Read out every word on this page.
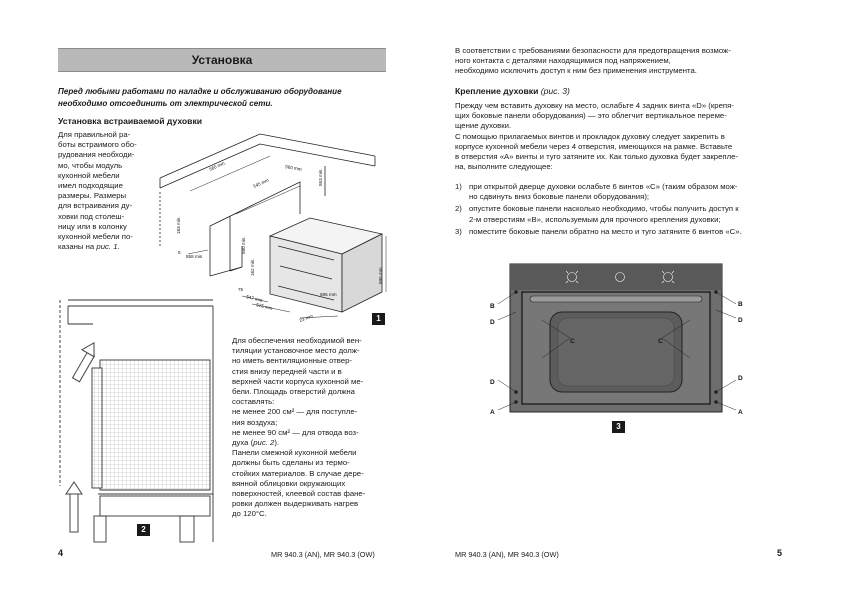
Установка
Перед любыми работами по наладке и обслуживанию оборудование необходимо отсоединить от электрической сети.
Установка встраиваемой духовки
Для правильной ра-
боты встраимого обо-
рудования необходи-
мо, чтобы модуль
кухонной мебели
имел подходящие
размеры. Размеры
для встраивания ду-
ховки под столеш-
ницу или в колонку
кухонной мебели по-
казаны на рис. 1.
560 min.
545 mm
560 mm
553 min.
183 min.
580 min.
162 min.
558 min
5
595 mm
75
547 mm
525 mm
595 mm
23 mm	1
2
Для обеспечения необходимой вен-
тиляции установочное место долж-
но иметь вентиляционные отвер-
стия внизу передней части и в
верхней части корпуса кухонной ме-
бели. Площадь отверстий должна
составлять:
не менее 200 см² — для поступле-
ния воздуха;
не менее 90 см² — для отвода воз-
духа (рис. 2).
Панели смежной кухонной мебели
должны быть сделаны из термо-
стойких материалов. В случае дере-
вянной облицовки окружающих
поверхностей, клеевой состав фане-
ровки должен выдерживать нагрев
до 120°С.
4	MR 940.3 (AN), MR 940.3 (OW)
В соответствии с требованиями безопасности для предотвращения возмож-
ного контакта с деталями находящимися под напряжением,
необходимо исключить доступ к ним без применения инструмента.
Крепление духовки (рис. 3)
Прежду чем вставить духовку на место, ослабьте 4 задних винта «D» (крепя-
щих боковые панели оборудования) — это облегчит вертикальное переме-
щение духовки.
С помощью прилагаемых винтов и прокладок духовку следует закрепить в
корпусе кухонной мебели через 4 отверстия, имеющихся на рамке. Вставьте
в отверстия «А» винты и туго затяните их. Как только духовка будет закрепле-
на, выполните следующее:
1) при открытой дверце духовки ослабьте 6 винтов «C» (таким образом мож-
но сдвинуть вниз боковые панели оборудования);
2) опустите боковые панели насколько необходимо, чтобы получить доступ к
2-м отверстиям «B», используемым для прочного крепления духовки;
3) поместите боковые панели обратно на место и туго затяните 6 винтов «C».
B
D
B
D
C	C
D
D
A	A
3
MR 940.3 (AN), MR 940.3 (OW)	5
